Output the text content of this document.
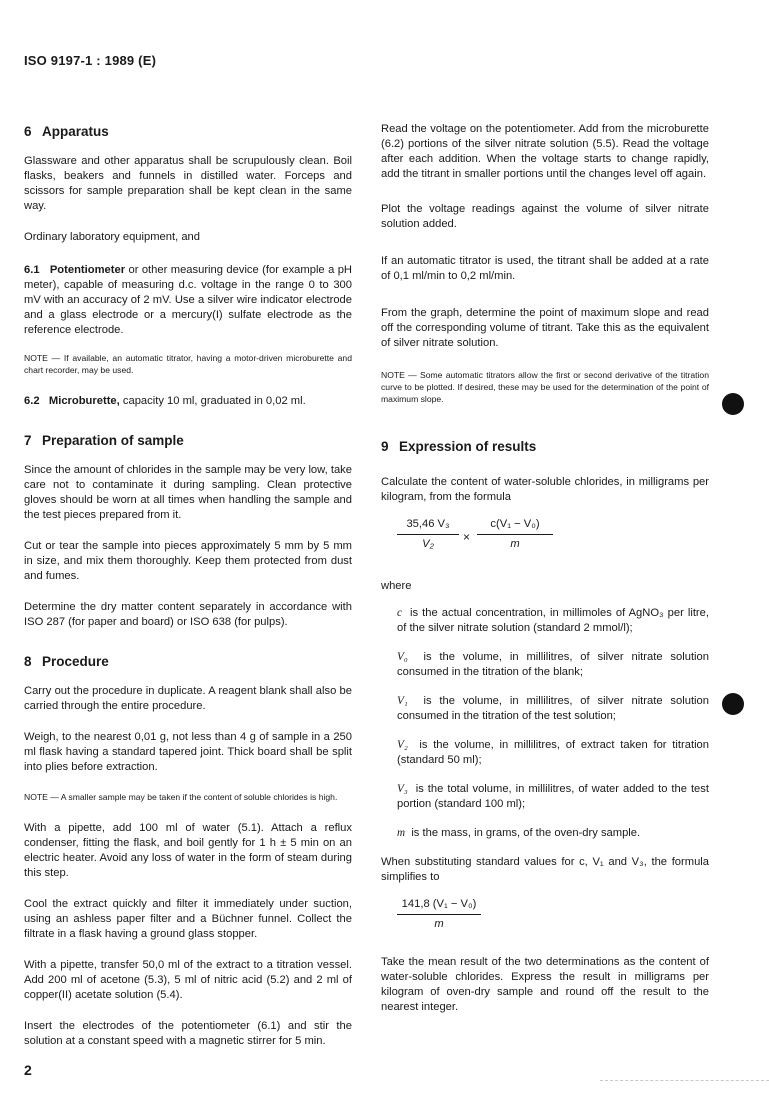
ISO 9197-1 : 1989 (E)
6 Apparatus

Glassware and other apparatus shall be scrupulously clean. Boil flasks, beakers and funnels in distilled water. Forceps and scissors for sample preparation shall be kept clean in the same way.

Ordinary laboratory equipment, and

6.1 Potentiometer or other measuring device (for example a pH meter), capable of measuring d.c. voltage in the range 0 to 300 mV with an accuracy of 2 mV. Use a silver wire indicator electrode and a glass electrode or a mercury(I) sulfate electrode as the reference electrode.

NOTE — If available, an automatic titrator, having a motor-driven microburette and chart recorder, may be used.

6.2 Microburette, capacity 10 ml, graduated in 0,02 ml.

7 Preparation of sample

Since the amount of chlorides in the sample may be very low, take care not to contaminate it during sampling. Clean protective gloves should be worn at all times when handling the sample and the test pieces prepared from it.

Cut or tear the sample into pieces approximately 5 mm by 5 mm in size, and mix them thoroughly. Keep them protected from dust and fumes.

Determine the dry matter content separately in accordance with ISO 287 (for paper and board) or ISO 638 (for pulps).

8 Procedure

Carry out the procedure in duplicate. A reagent blank shall also be carried through the entire procedure.

Weigh, to the nearest 0,01 g, not less than 4 g of sample in a 250 ml flask having a standard tapered joint. Thick board shall be split into plies before extraction.

NOTE — A smaller sample may be taken if the content of soluble chlorides is high.

With a pipette, add 100 ml of water (5.1). Attach a reflux condenser, fitting the flask, and boil gently for 1 h ± 5 min on an electric heater. Avoid any loss of water in the form of steam during this step.

Cool the extract quickly and filter it immediately under suction, using an ashless paper filter and a Büchner funnel. Collect the filtrate in a flask having a ground glass stopper.

With a pipette, transfer 50,0 ml of the extract to a titration vessel. Add 200 ml of acetone (5.3), 5 ml of nitric acid (5.2) and 2 ml of copper(II) acetate solution (5.4).

Insert the electrodes of the potentiometer (6.1) and stir the solution at a constant speed with a magnetic stirrer for 5 min.

Read the voltage on the potentiometer. Add from the microburette (6.2) portions of the silver nitrate solution (5.5). Read the voltage after each addition. When the voltage starts to change rapidly, add the titrant in smaller portions until the changes level off again.

Plot the voltage readings against the volume of silver nitrate solution added.

If an automatic titrator is used, the titrant shall be added at a rate of 0,1 ml/min to 0,2 ml/min.

From the graph, determine the point of maximum slope and read off the corresponding volume of titrant. Take this as the equivalent of silver nitrate solution.

NOTE — Some automatic titrators allow the first or second derivative of the titration curve to be plotted. If desired, these may be used for the determination of the point of maximum slope.
9 Expression of results

Calculate the content of water-soluble chlorides, in milligrams per kilogram, from the formula

$\frac{\text{35,46 V₃}}{\text{V₂}} \times \frac{\text{c(V₁ − V₀)}}{m}$

where

c is the actual concentration, in millimoles of AgNO₃ per litre, of the silver nitrate solution (standard 2 mmol/l);

V₀ is the volume, in millilitres, of silver nitrate solution consumed in the titration of the blank;

V₁ is the volume, in millilitres, of silver nitrate solution consumed in the titration of the test solution;

V₂ is the volume, in millilitres, of extract taken for titration (standard 50 ml);

V₃ is the total volume, in millilitres, of water added to the test portion (standard 100 ml);

m is the mass, in grams, of the oven-dry sample.

When substituting standard values for c, V₁ and V₃, the formula simplifies to

$\frac{\text{141,8 (V₁ − V₀)}}{m}$

Take the mean result of the two determinations as the content of water-soluble chlorides. Express the result in milligrams per kilogram of oven-dry sample and round off the result to the nearest integer.

2
